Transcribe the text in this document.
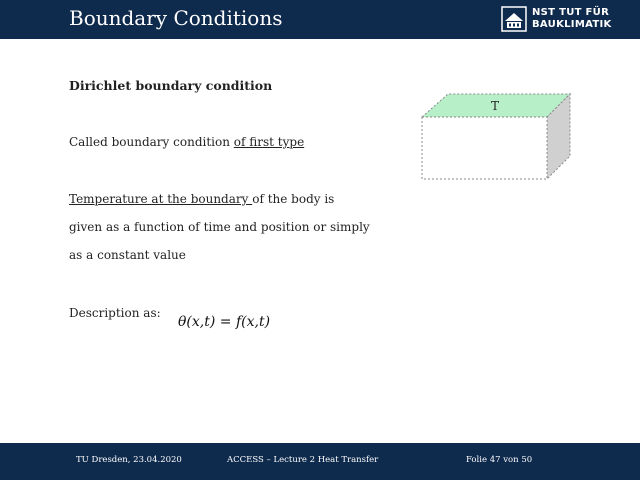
Boundary Conditions	NST TUT FÜR
BAUKLIMATIK
Dirichlet boundary condition
Called boundary condition of first type
Temperature at the boundary of the body is
given as a function of time and position or simply
as a constant value
Description as:
θ(x,t) = f(x,t)
T
TU Dresden, 23.04.2020	ACCESS – Lecture 2 Heat Transfer	Folie 47 von 50
